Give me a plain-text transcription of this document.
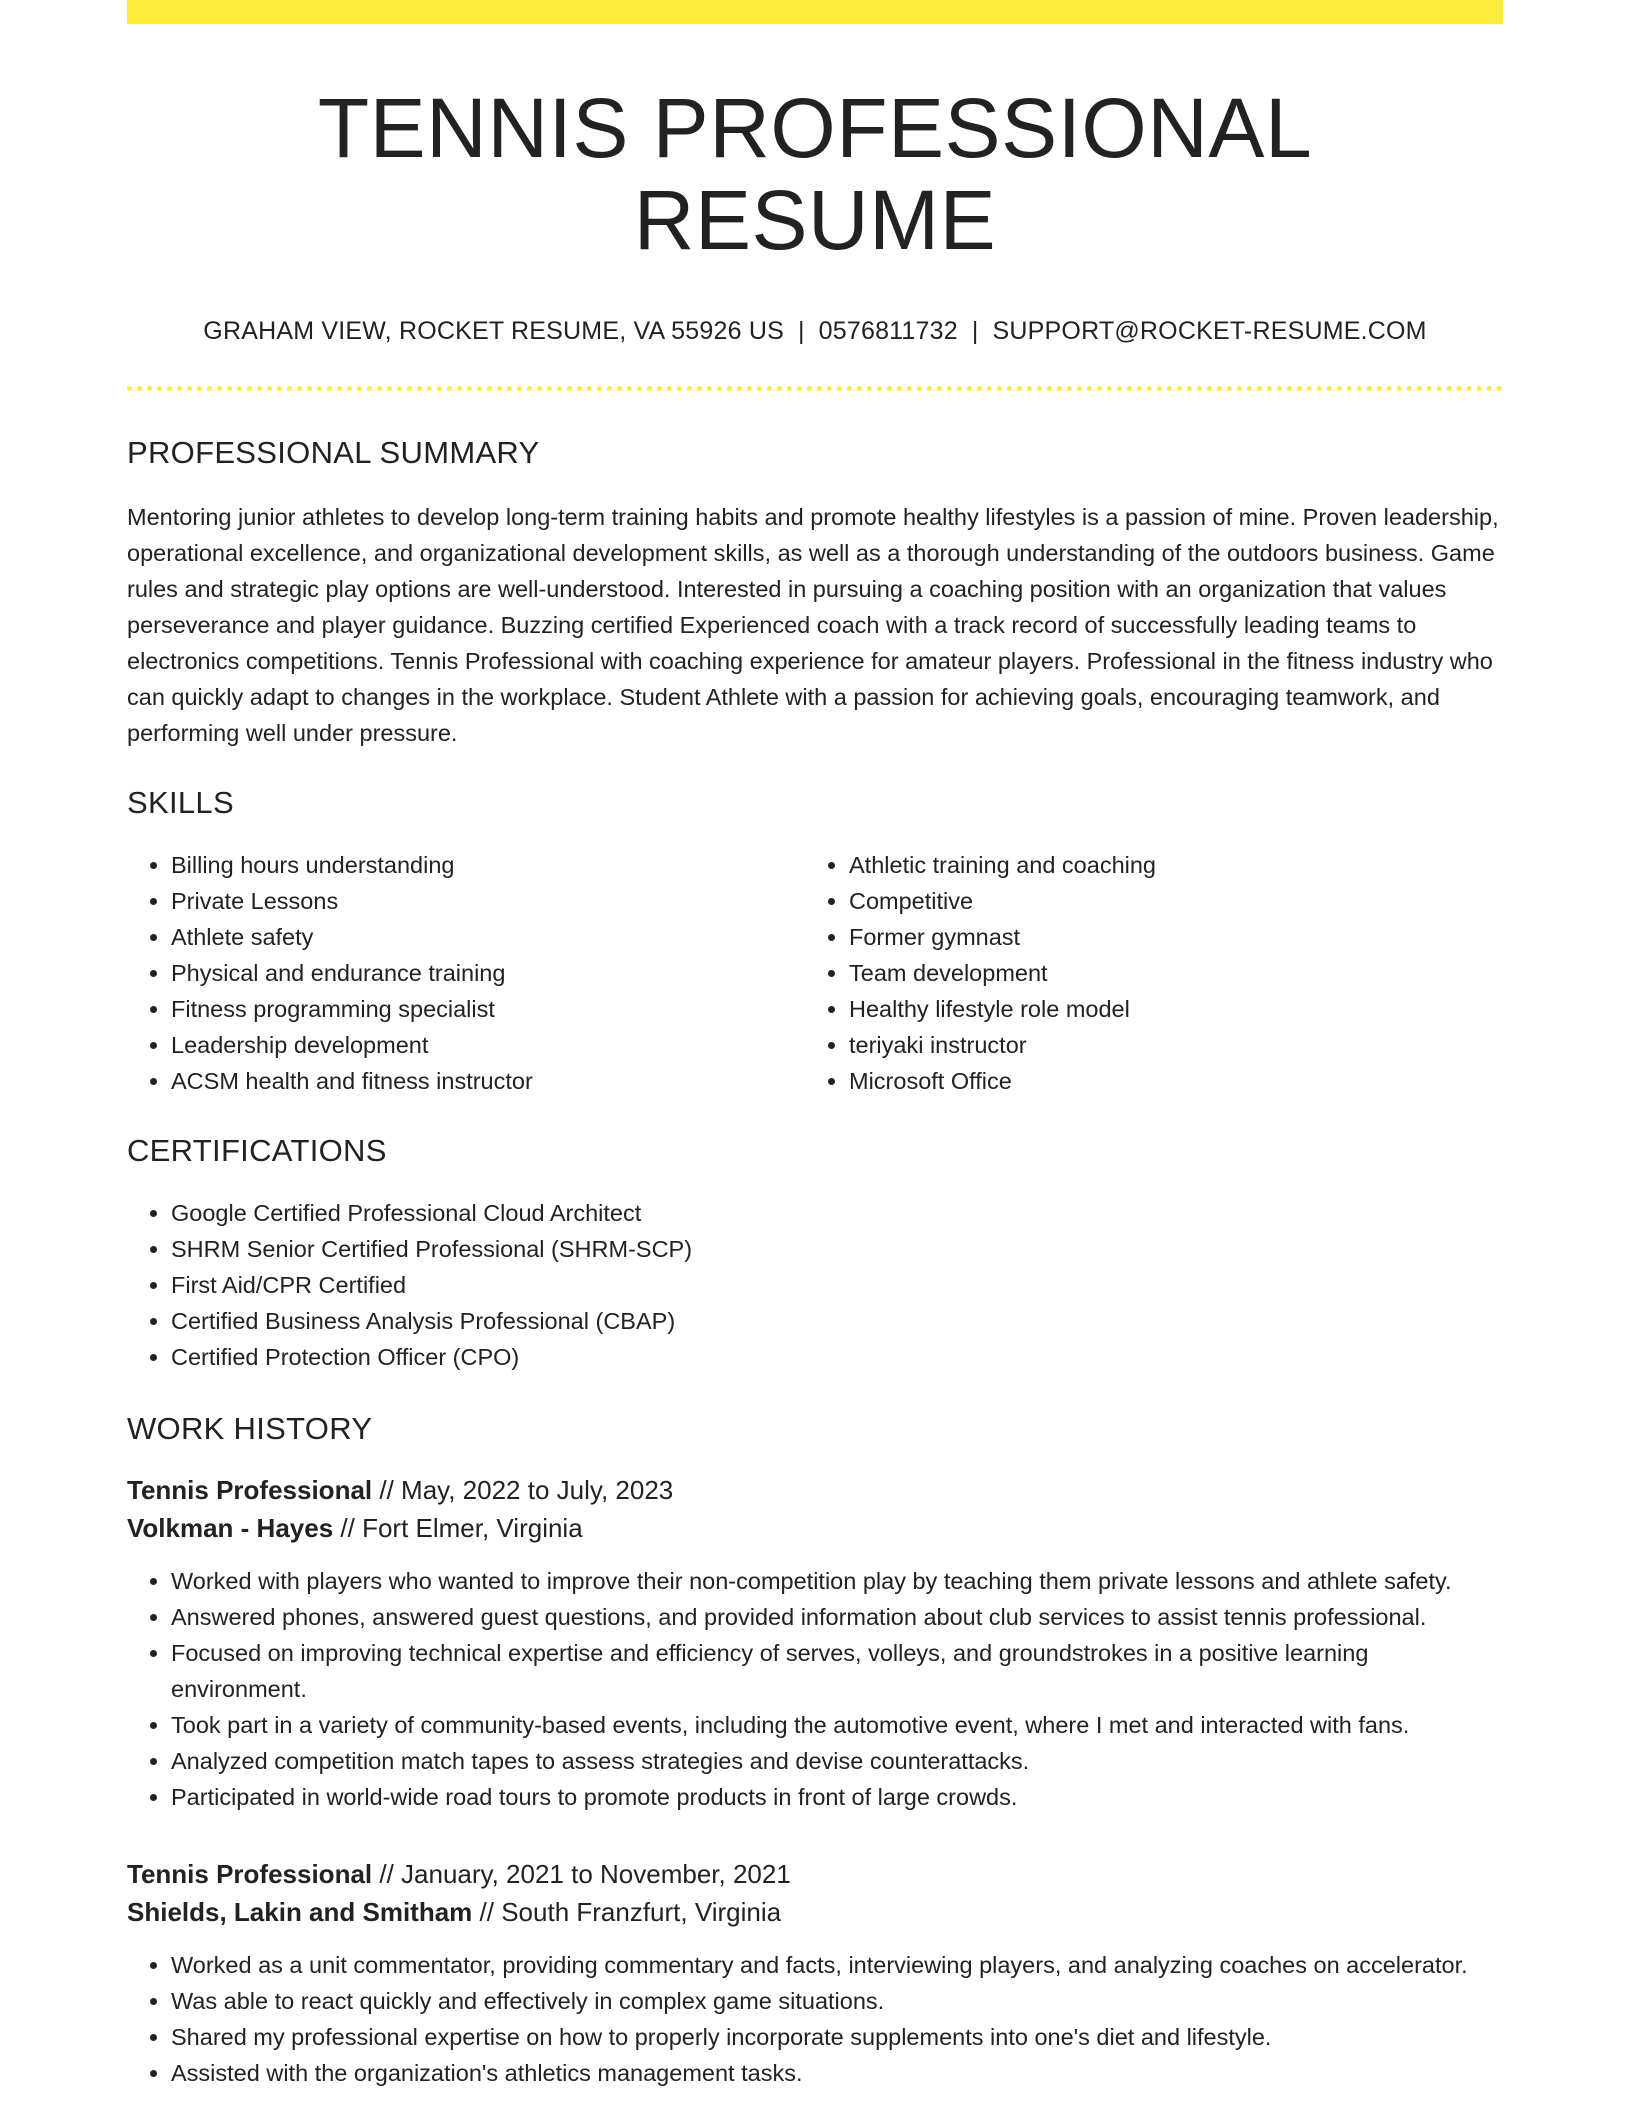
TENNIS PROFESSIONAL RESUME
GRAHAM VIEW, ROCKET RESUME, VA 55926 US | 0576811732 | SUPPORT@ROCKET-RESUME.COM
PROFESSIONAL SUMMARY

Mentoring junior athletes to develop long-term training habits and promote healthy lifestyles is a passion of mine. Proven leadership, operational excellence, and organizational development skills, as well as a thorough understanding of the outdoors business. Game rules and strategic play options are well-understood. Interested in pursuing a coaching position with an organization that values perseverance and player guidance. Buzzing certified Experienced coach with a track record of successfully leading teams to electronics competitions. Tennis Professional with coaching experience for amateur players. Professional in the fitness industry who can quickly adapt to changes in the workplace. Student Athlete with a passion for achieving goals, encouraging teamwork, and performing well under pressure.

SKILLS
• Billing hours understanding
• Private Lessons
• Athlete safety
• Physical and endurance training
• Fitness programming specialist
• Leadership development
• ACSM health and fitness instructor
• Athletic training and coaching
• Competitive
• Former gymnast
• Team development
• Healthy lifestyle role model
• teriyaki instructor
• Microsoft Office
CERTIFICATIONS
• Google Certified Professional Cloud Architect
• SHRM Senior Certified Professional (SHRM-SCP)
• First Aid/CPR Certified
• Certified Business Analysis Professional (CBAP)
• Certified Protection Officer (CPO)
WORK HISTORY
Tennis Professional // May, 2022 to July, 2023
Volkman - Hayes // Fort Elmer, Virginia
• Worked with players who wanted to improve their non-competition play by teaching them private lessons and athlete safety.
• Answered phones, answered guest questions, and provided information about club services to assist tennis professional.
• Focused on improving technical expertise and efficiency of serves, volleys, and groundstrokes in a positive learning environment.
• Took part in a variety of community-based events, including the automotive event, where I met and interacted with fans.
• Analyzed competition match tapes to assess strategies and devise counterattacks.
• Participated in world-wide road tours to promote products in front of large crowds.
Tennis Professional // January, 2021 to November, 2021
Shields, Lakin and Smitham // South Franzfurt, Virginia
• Worked as a unit commentator, providing commentary and facts, interviewing players, and analyzing coaches on accelerator.
• Was able to react quickly and effectively in complex game situations.
• Shared my professional expertise on how to properly incorporate supplements into one's diet and lifestyle.
• Assisted with the organization's athletics management tasks.
